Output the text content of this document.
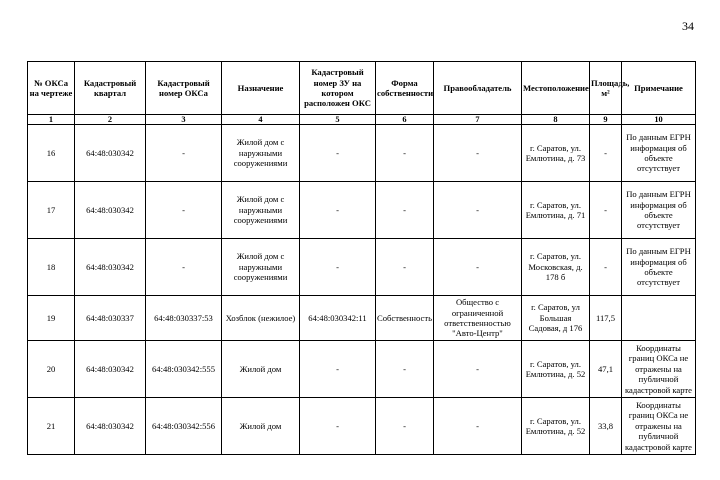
34
№ ОКСа на чертеже	Кадастровый квартал	Кадастровый номер ОКСа	Назначение	Кадастровый номер ЗУ на котором расположен ОКС	Форма собственности	Правообладатель	Местоположение	Площадь, м²	Примечание
1	2	3	4	5	6	7	8	9	10
16	64:48:030342	-	Жилой дом с наружными сооружениями	-	-	-	г. Саратов, ул. Емлютина, д. 73	-	По данным ЕГРН информация об объекте отсутствует
17	64:48:030342	-	Жилой дом с наружными сооружениями	-	-	-	г. Саратов, ул. Емлютина, д. 71	-	По данным ЕГРН информация об объекте отсутствует
18	64:48:030342	-	Жилой дом с наружными сооружениями	-	-	-	г. Саратов, ул. Московская, д. 178 б	-	По данным ЕГРН информация об объекте отсутствует
19	64:48:030337	64:48:030337:53	Хозблок (нежилое)	64:48:030342:11	Собственность	Общество с ограниченной ответственностью "Авто-Центр"	г. Саратов, ул Большая Садовая, д 176	117,5	
20	64:48:030342	64:48:030342:555	Жилой дом	-	-	-	г. Саратов, ул. Емлютина, д. 52	47,1	Координаты границ ОКСа не отражены на публичной кадастровой карте
21	64:48:030342	64:48:030342:556	Жилой дом	-	-	-	г. Саратов, ул. Емлютина, д. 52	33,8	Координаты границ ОКСа не отражены на публичной кадастровой карте
